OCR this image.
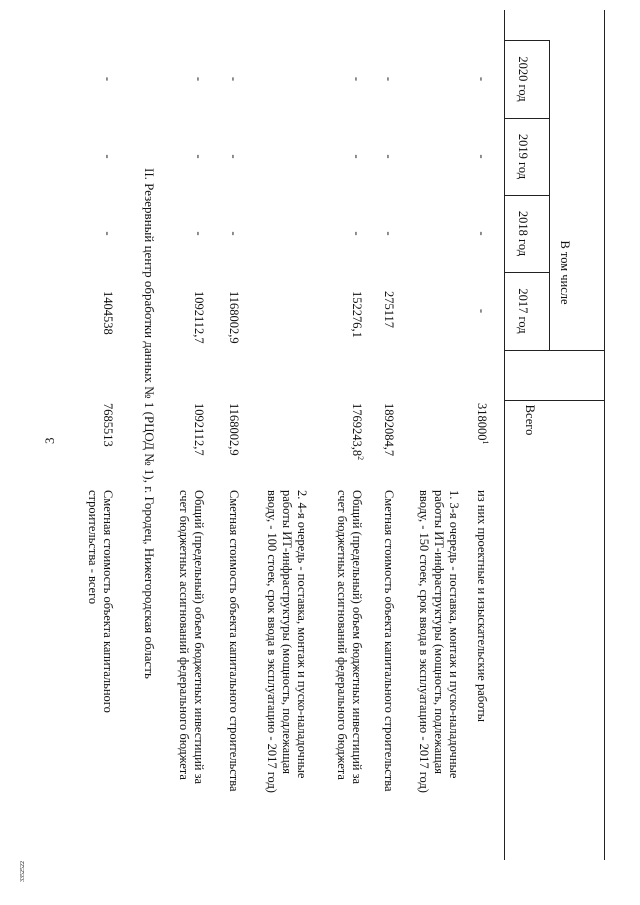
3
3352522
Всего
В том числе
2017 год
2018 год
2019 год
2020 год
из них проектные и изыскательские работы
318000$^1$
-
-
-
-
1. 3-я очередь - поставка, монтаж и пуско-наладочные
работы ИТ-инфраструктуры (мощность, подлежащая
вводу, - 150 стоек, срок ввода в эксплуатацию - 2017 год)
Сметная стоимость объекта капитального строительства
1892084,7
275117
-
-
-
Общий (предельный) объем бюджетных инвестиций за
счет бюджетных ассигнований федерального бюджета
1769243,8$^2$
152276,1
-
-
-
2. 4-я очередь - поставка, монтаж и пуско-наладочные
работы ИТ-инфраструктуры (мощность, подлежащая
вводу, - 100 стоек, срок ввода в эксплуатацию - 2017 год)
Сметная стоимость объекта капитального строительства
1168002,9
1168002,9
-
-
-
Общий (предельный) объем бюджетных инвестиций за
счет бюджетных ассигнований федерального бюджета
1092112,7
1092112,7
-
-
-
II. Резервный центр обработки данных № 1 (РЦОД № 1), г. Городец, Нижегородская область
Сметная стоимость объекта капитального
строительства - всего
7685513
1404538
-
-
-
